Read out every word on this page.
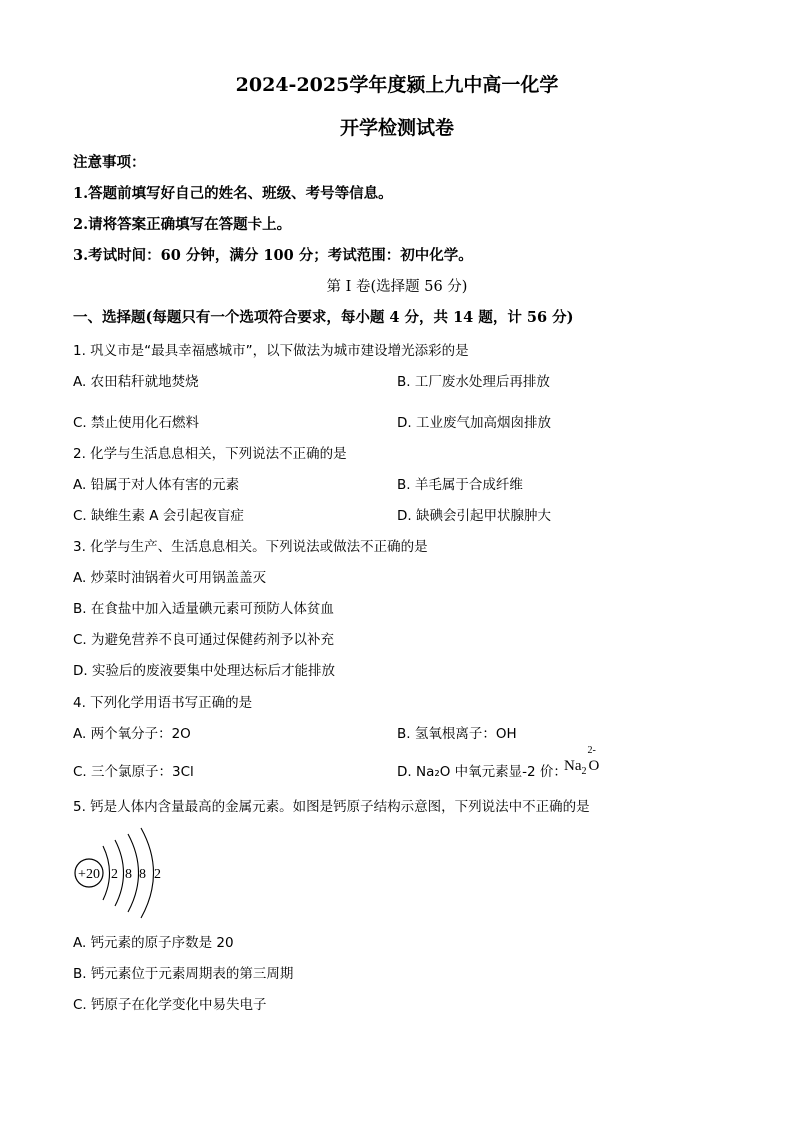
2024-2025学年度颍上九中高一化学
开学检测试卷
注意事项：
1.答题前填写好自己的姓名、班级、考号等信息。
2.请将答案正确填写在答题卡上。
3.考试时间：60 分钟，满分 100 分；考试范围：初中化学。
第 I 卷(选择题 56 分)
一、选择题(每题只有一个选项符合要求，每小题 4 分，共 14 题，计 56 分)
1. 巩义市是“最具幸福感城市”，以下做法为城市建设增光添彩的是
A. 农田秸秆就地焚烧	B. 工厂废水处理后再排放
C. 禁止使用化石燃料	D. 工业废气加高烟囱排放
2. 化学与生活息息相关，下列说法不正确的是
A. 铅属于对人体有害的元素	B. 羊毛属于合成纤维
C. 缺维生素 A 会引起夜盲症	D. 缺碘会引起甲状腺肿大
3. 化学与生产、生活息息相关。下列说法或做法不正确的是
A. 炒菜时油锅着火可用锅盖盖灭
B. 在食盐中加入适量碘元素可预防人体贫血
C. 为避免营养不良可通过保健药剂予以补充
D. 实验后的废液要集中处理达标后才能排放
4. 下列化学用语书写正确的是
A. 两个氧分子：2O	B. 氢氧根离子：OH
C. 三个氯原子：3Cl	D. Na₂O 中氧元素显-2 价：
$Na_2$
2-
O
5. 钙是人体内含量最高的金属元素。如图是钙原子结构示意图，下列说法中不正确的是
+20 2 8 8 2
A. 钙元素的原子序数是 20
B. 钙元素位于元素周期表的第三周期
C. 钙原子在化学变化中易失电子
